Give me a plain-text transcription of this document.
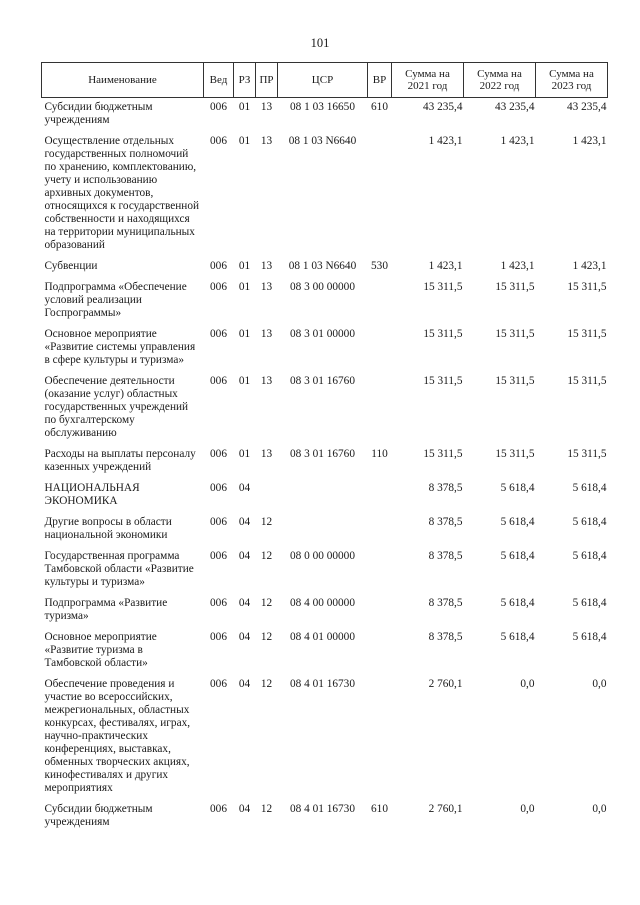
101
Наименование	Вед	РЗ	ПР	ЦСР	ВР	Сумма на 2021 год	Сумма на 2022 год	Сумма на 2023 год
Субсидии бюджетным учреждениям	006	01	13	08 1 03 16650	610	43 235,4	43 235,4	43 235,4
Осуществление отдельных государственных полномочий по хранению, комплектованию, учету и использованию архивных документов, относящихся к государственной собственности и находящихся на территории муниципальных образований	006	01	13	08 1 03 N6640		1 423,1	1 423,1	1 423,1
Субвенции	006	01	13	08 1 03 N6640	530	1 423,1	1 423,1	1 423,1
Подпрограмма «Обеспечение условий реализации Госпрограммы»	006	01	13	08 3 00 00000		15 311,5	15 311,5	15 311,5
Основное мероприятие «Развитие системы управления в сфере культуры и туризма»	006	01	13	08 3 01 00000		15 311,5	15 311,5	15 311,5
Обеспечение деятельности (оказание услуг) областных государственных учреждений по бухгалтерскому обслуживанию	006	01	13	08 3 01 16760		15 311,5	15 311,5	15 311,5
Расходы на выплаты персоналу казенных учреждений	006	01	13	08 3 01 16760	110	15 311,5	15 311,5	15 311,5
НАЦИОНАЛЬНАЯ ЭКОНОМИКА	006	04				8 378,5	5 618,4	5 618,4
Другие вопросы в области национальной экономики	006	04	12			8 378,5	5 618,4	5 618,4
Государственная программа Тамбовской области «Развитие культуры и туризма»	006	04	12	08 0 00 00000		8 378,5	5 618,4	5 618,4
Подпрограмма «Развитие туризма»	006	04	12	08 4 00 00000		8 378,5	5 618,4	5 618,4
Основное мероприятие «Развитие туризма в Тамбовской области»	006	04	12	08 4 01 00000		8 378,5	5 618,4	5 618,4
Обеспечение проведения и участие во всероссийских, межрегиональных, областных конкурсах, фестивалях, играх, научно-практических конференциях, выставках, обменных творческих акциях, кинофестивалях и других мероприятиях	006	04	12	08 4 01 16730		2 760,1	0,0	0,0
Субсидии бюджетным учреждениям	006	04	12	08 4 01 16730	610	2 760,1	0,0	0,0
